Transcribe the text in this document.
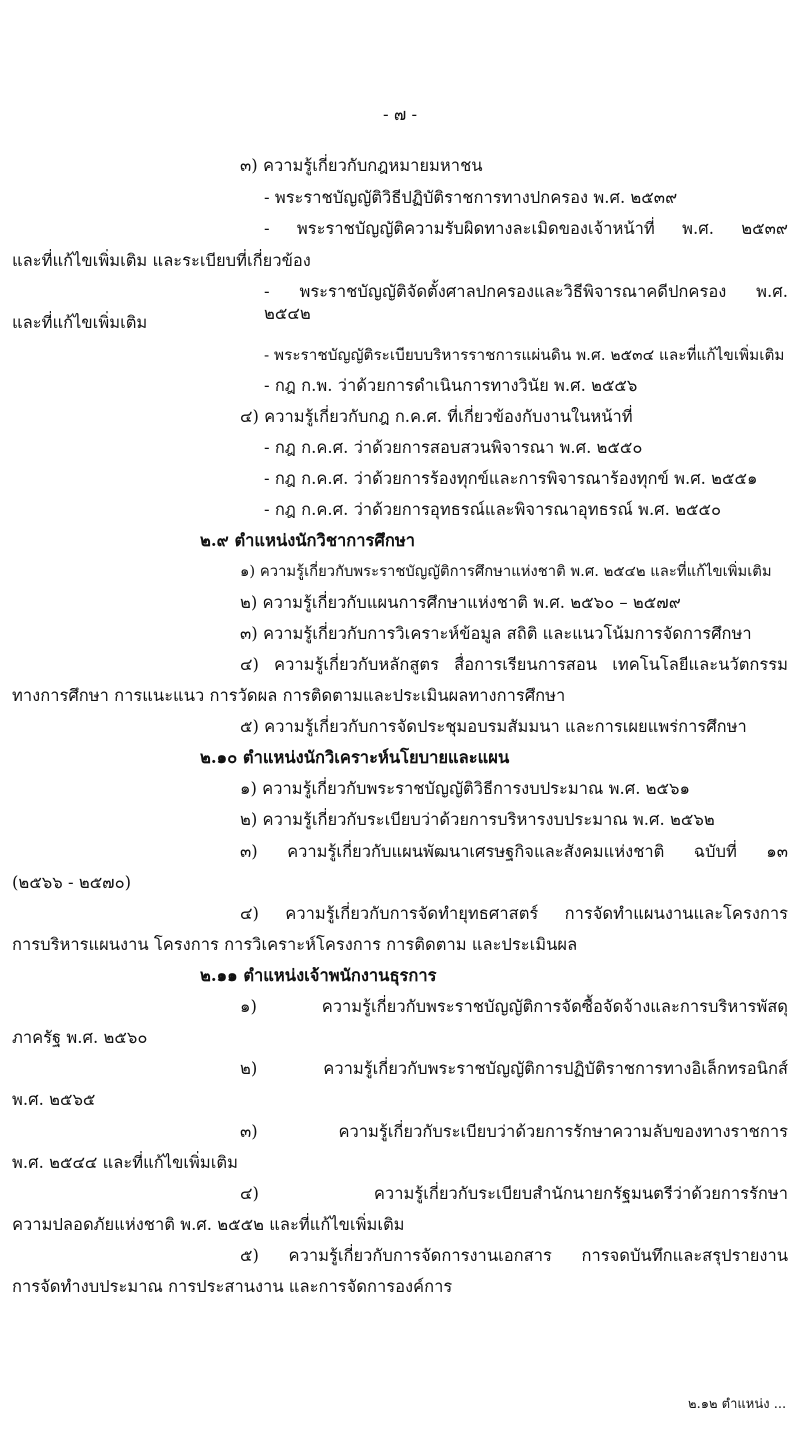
- ๗ -
๓) ความรู้เกี่ยวกับกฎหมายมหาชน
- พระราชบัญญัติวิธีปฏิบัติราชการทางปกครอง พ.ศ. ๒๕๓๙
- พระราชบัญญัติความรับผิดทางละเมิดของเจ้าหน้าที่ พ.ศ. ๒๕๓๙
และที่แก้ไขเพิ่มเติม และระเบียบที่เกี่ยวข้อง
- พระราชบัญญัติจัดตั้งศาลปกครองและวิธีพิจารณาคดีปกครอง พ.ศ. ๒๕๔๒
และที่แก้ไขเพิ่มเติม
- พระราชบัญญัติระเบียบบริหารราชการแผ่นดิน พ.ศ. ๒๕๓๔ และที่แก้ไขเพิ่มเติม
- กฎ ก.พ. ว่าด้วยการดำเนินการทางวินัย พ.ศ. ๒๕๕๖
๔) ความรู้เกี่ยวกับกฎ ก.ค.ศ. ที่เกี่ยวข้องกับงานในหน้าที่
- กฎ ก.ค.ศ. ว่าด้วยการสอบสวนพิจารณา พ.ศ. ๒๕๕๐
- กฎ ก.ค.ศ. ว่าด้วยการร้องทุกข์และการพิจารณาร้องทุกข์ พ.ศ. ๒๕๕๑
- กฎ ก.ค.ศ. ว่าด้วยการอุทธรณ์และพิจารณาอุทธรณ์ พ.ศ. ๒๕๕๐
๒.๙ ตำแหน่งนักวิชาการศึกษา
๑) ความรู้เกี่ยวกับพระราชบัญญัติการศึกษาแห่งชาติ พ.ศ. ๒๕๔๒ และที่แก้ไขเพิ่มเติม
๒) ความรู้เกี่ยวกับแผนการศึกษาแห่งชาติ พ.ศ. ๒๕๖๐ – ๒๕๗๙
๓) ความรู้เกี่ยวกับการวิเคราะห์ข้อมูล สถิติ และแนวโน้มการจัดการศึกษา
๔) ความรู้เกี่ยวกับหลักสูตร สื่อการเรียนการสอน เทคโนโลยีและนวัตกรรม
ทางการศึกษา การแนะแนว การวัดผล การติดตามและประเมินผลทางการศึกษา
๕) ความรู้เกี่ยวกับการจัดประชุมอบรมสัมมนา และการเผยแพร่การศึกษา
๒.๑๐ ตำแหน่งนักวิเคราะห์นโยบายและแผน
๑) ความรู้เกี่ยวกับพระราชบัญญัติวิธีการงบประมาณ พ.ศ. ๒๕๖๑
๒) ความรู้เกี่ยวกับระเบียบว่าด้วยการบริหารงบประมาณ พ.ศ. ๒๕๖๒
๓) ความรู้เกี่ยวกับแผนพัฒนาเศรษฐกิจและสังคมแห่งชาติ ฉบับที่ ๑๓
(๒๕๖๖ - ๒๕๗๐)
๔) ความรู้เกี่ยวกับการจัดทำยุทธศาสตร์ การจัดทำแผนงานและโครงการ
การบริหารแผนงาน โครงการ การวิเคราะห์โครงการ การติดตาม และประเมินผล
๒.๑๑ ตำแหน่งเจ้าพนักงานธุรการ
๑) ความรู้เกี่ยวกับพระราชบัญญัติการจัดซื้อจัดจ้างและการบริหารพัสดุ
ภาครัฐ พ.ศ. ๒๕๖๐
๒) ความรู้เกี่ยวกับพระราชบัญญัติการปฏิบัติราชการทางอิเล็กทรอนิกส์
พ.ศ. ๒๕๖๕
๓) ความรู้เกี่ยวกับระเบียบว่าด้วยการรักษาความลับของทางราชการ
พ.ศ. ๒๕๔๔ และที่แก้ไขเพิ่มเติม
๔) ความรู้เกี่ยวกับระเบียบสำนักนายกรัฐมนตรีว่าด้วยการรักษา
ความปลอดภัยแห่งชาติ พ.ศ. ๒๕๕๒ และที่แก้ไขเพิ่มเติม
๕) ความรู้เกี่ยวกับการจัดการงานเอกสาร การจดบันทึกและสรุปรายงาน
การจัดทำงบประมาณ การประสานงาน และการจัดการองค์การ
๒.๑๒ ตำแหน่ง ...
